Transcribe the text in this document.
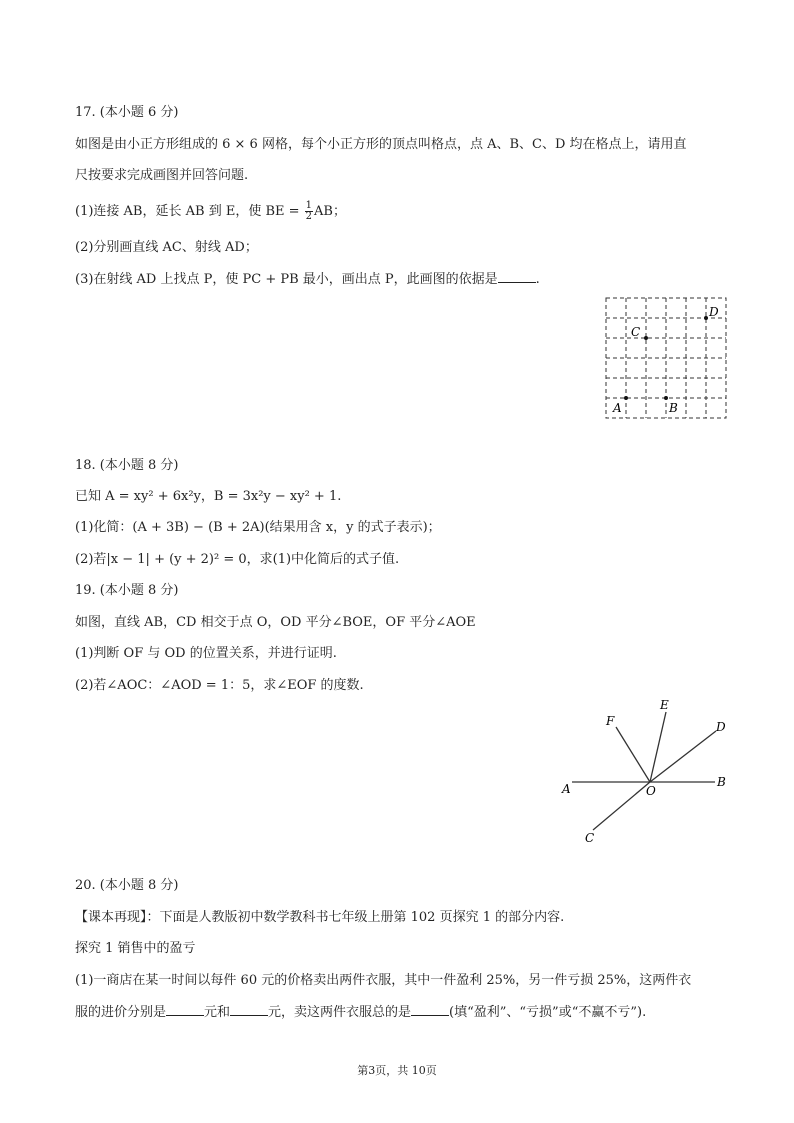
17. (本小题 6 分)
如图是由小正方形组成的 6 × 6 网格，每个小正方形的顶点叫格点，点 A、B、C、D 均在格点上，请用直
尺按要求完成画图并回答问题.
(1)连接 AB，延长 AB 到 E，使 BE = $\frac{1}{2}$ AB；
(2)分别画直线 AC、射线 AD；
(3)在射线 AD 上找点 P，使 PC + PB 最小，画出点 P，此画图的依据是	.
A	B
C
D
18. (本小题 8 分)
已知 A = xy² + 6x²y，B = 3x²y − xy² + 1.
(1)化简：(A + 3B) − (B + 2A)(结果用含 x，y 的式子表示)；
(2)若|x − 1| + (y + 2)² = 0，求(1)中化简后的式子值.
19. (本小题 8 分)
如图，直线 AB，CD 相交于点 O，OD 平分∠BOE，OF 平分∠AOE
(1)判断 OF 与 OD 的位置关系，并进行证明.
(2)若∠AOC：∠AOD = 1：5，求∠EOF 的度数.
A	B
C
D
E
F
O
20. (本小题 8 分)
【课本再现】：下面是人教版初中数学教科书七年级上册第 102 页探究 1 的部分内容.
探究 1 销售中的盈亏
(1)一商店在某一时间以每件 60 元的价格卖出两件衣服，其中一件盈利 25%，另一件亏损 25%，这两件衣
服的进价分别是	元和	元，卖这两件衣服总的是	(填“盈利”、“亏损”或“不赢不亏”).
第3页，共 10页
